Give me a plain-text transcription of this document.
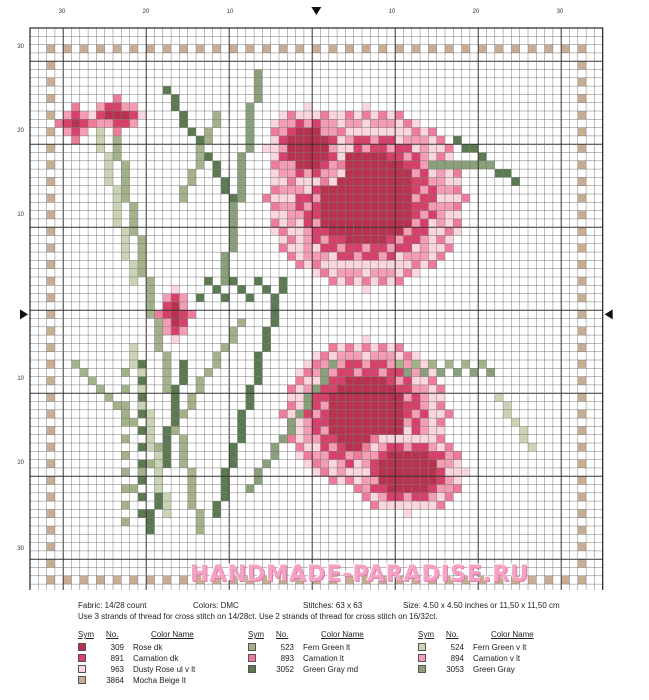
30	20	10	10	20	30
30
20
10
10
20
30
HANDMADE-PARADISE.RU
Fabric: 14/28 count	Colors: DMC	Stitches: 63 x 63	Size: 4.50 x 4.50 inches or 11,50 x 11,50 cm
Use 3 strands of thread for cross stitch on 14/28ct. Use 2 strands of thread for cross stitch on 16/32ct.
Sym	No.	Color Name
309 Rose dk
891 Carnation dk
963 Dusty Rose ul v lt
3864 Mocha Beige lt
Sym	No.	Color Name
523 Fern Green lt
893 Carnation lt
3052 Green Gray md
Sym	No.	Color Name
524 Fern Green v lt
894 Carnation v lt
3053 Green Gray
